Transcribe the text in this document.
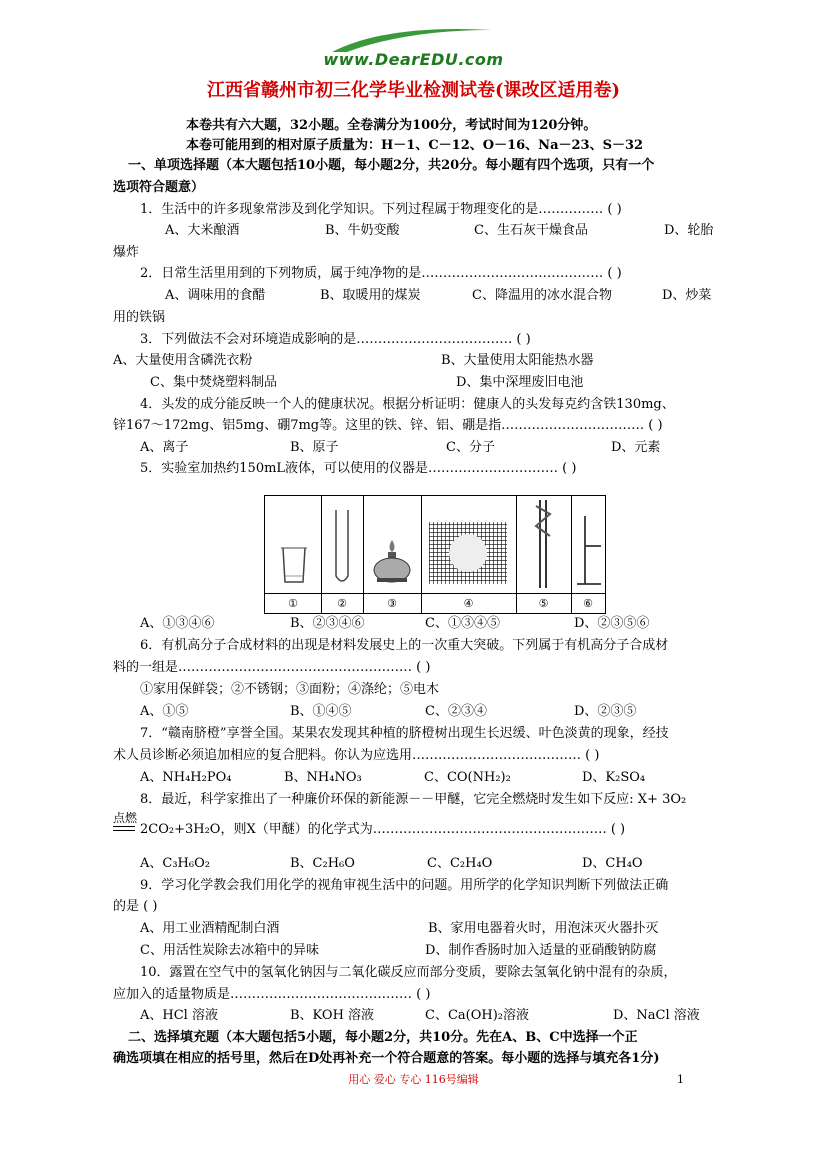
www.DearEDU.com
江西省赣州市初三化学毕业检测试卷(课改区适用卷)
本卷共有六大题，32小题。全卷满分为100分，考试时间为120分钟。
本卷可能用到的相对原子质量为：H－1、C－12、O－16、Na－23、S－32
一、单项选择题（本大题包括10小题，每小题2分，共20分。每小题有四个选项，只有一个
选项符合题意）
1．生活中的许多现象常涉及到化学知识。下列过程属于物理变化的是…………… ( )
A、大米酿酒	B、牛奶变酸	C、生石灰干燥食品	D、轮胎
爆炸
2．日常生活里用到的下列物质，属于纯净物的是…………………………………… ( )
A、调味用的食醋	B、取暖用的煤炭	C、降温用的冰水混合物	D、炒菜
用的铁锅
3．下列做法不会对环境造成影响的是……………………………… ( )
A、大量使用含磷洗衣粉	B、大量使用太阳能热水器
C、集中焚烧塑料制品	D、集中深埋废旧电池
4．头发的成分能反映一个人的健康状况。根据分析证明：健康人的头发每克约含铁130mg、
锌167～172mg、铝5mg、硼7mg等。这里的铁、锌、铝、硼是指…………………………… ( )
A、离子	B、原子	C、分子	D、元素
5．实验室加热约150mL液体，可以使用的仪器是………………………… ( )
①	②	③	④	⑤	⑥
A、①③④⑥	B、②③④⑥	C、①③④⑤	D、②③⑤⑥
6．有机高分子合成材料的出现是材料发展史上的一次重大突破。下列属于有机高分子合成材
料的一组是……………………………………………… ( )
①家用保鲜袋；②不锈钢；③面粉；④涤纶；⑤电木
A、①⑤	B、①④⑤	C、②③④	D、②③⑤
7．“赣南脐橙”享誉全国。某果农发现其种植的脐橙树出现生长迟缓、叶色淡黄的现象，经技
术人员诊断必须追加相应的复合肥料。你认为应选用………………………………… ( )
A、NH₄H₂PO₄	B、NH₄NO₃	C、CO(NH₂)₂	D、K₂SO₄
8．最近，科学家推出了一种廉价环保的新能源－－甲醚，它完全燃烧时发生如下反应: X+ 3O₂
点燃
2CO₂+3H₂O，则X（甲醚）的化学式为……………………………………………… ( )
A、C₃H₆O₂	B、C₂H₆O	C、C₂H₄O	D、CH₄O
9．学习化学教会我们用化学的视角审视生活中的问题。用所学的化学知识判断下列做法正确
的是 ( )
A、用工业酒精配制白酒	B、家用电器着火时，用泡沫灭火器扑灭
C、用活性炭除去冰箱中的异味	D、制作香肠时加入适量的亚硝酸钠防腐
10．露置在空气中的氢氧化钠因与二氧化碳反应而部分变质，要除去氢氧化钠中混有的杂质，
应加入的适量物质是…………………………………… ( )
A、HCl 溶液	B、KOH 溶液	C、Ca(OH)₂溶液	D、NaCl 溶液
二、选择填充题（本大题包括5小题，每小题2分，共10分。先在A、B、C中选择一个正
确选项填在相应的括号里，然后在D处再补充一个符合题意的答案。每小题的选择与填充各1分)
用心 爱心 专心 116号编辑	1
